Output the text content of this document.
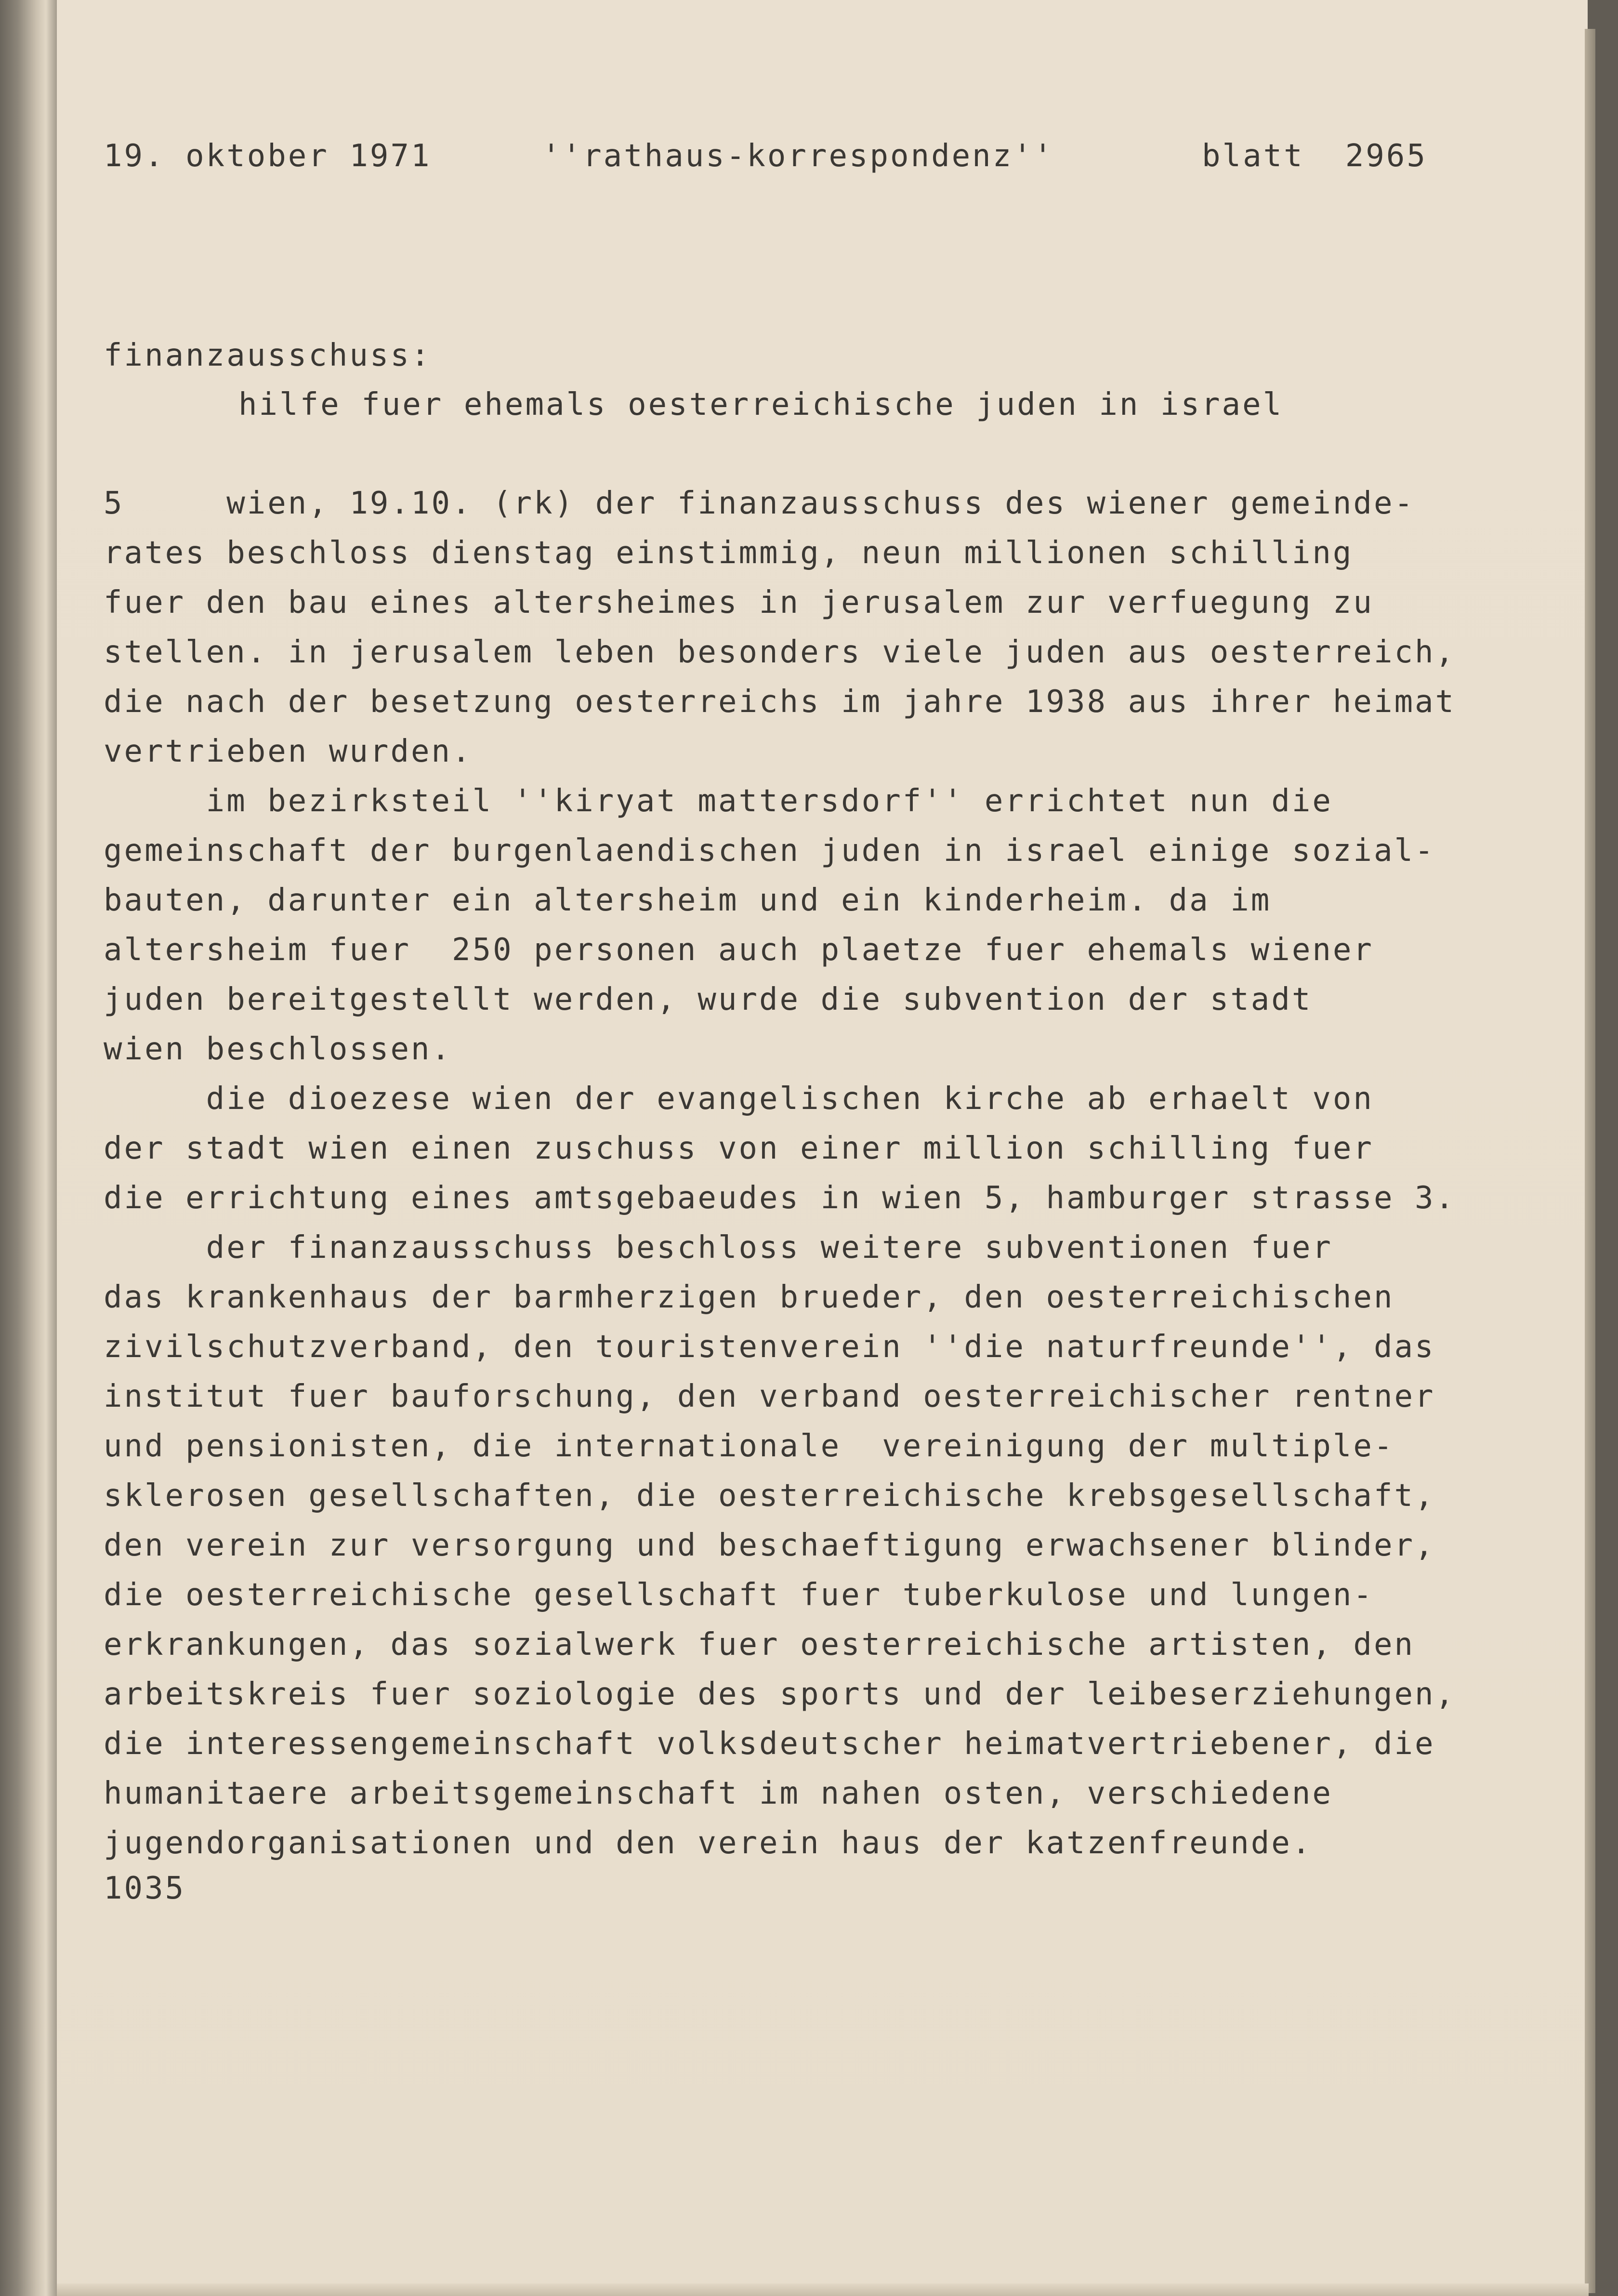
19. oktober 1971	''rathaus-korrespondenz''	blatt  2965
finanzausschuss:
hilfe fuer ehemals oesterreichische juden in israel
5     wien, 19.10. (rk) der finanzausschuss des wiener gemeinde-
rates beschloss dienstag einstimmig, neun millionen schilling
fuer den bau eines altersheimes in jerusalem zur verfuegung zu
stellen. in jerusalem leben besonders viele juden aus oesterreich,
die nach der besetzung oesterreichs im jahre 1938 aus ihrer heimat
vertrieben wurden.
im bezirksteil ''kiryat mattersdorf'' errichtet nun die
gemeinschaft der burgenlaendischen juden in israel einige sozial-
bauten, darunter ein altersheim und ein kinderheim. da im
altersheim fuer  250 personen auch plaetze fuer ehemals wiener
juden bereitgestellt werden, wurde die subvention der stadt
wien beschlossen.
die dioezese wien der evangelischen kirche ab erhaelt von
der stadt wien einen zuschuss von einer million schilling fuer
die errichtung eines amtsgebaeudes in wien 5, hamburger strasse 3.
der finanzausschuss beschloss weitere subventionen fuer
das krankenhaus der barmherzigen brueder, den oesterreichischen
zivilschutzverband, den touristenverein ''die naturfreunde'', das
institut fuer bauforschung, den verband oesterreichischer rentner
und pensionisten, die internationale  vereinigung der multiple-
sklerosen gesellschaften, die oesterreichische krebsgesellschaft,
den verein zur versorgung und beschaeftigung erwachsener blinder,
die oesterreichische gesellschaft fuer tuberkulose und lungen-
erkrankungen, das sozialwerk fuer oesterreichische artisten, den
arbeitskreis fuer soziologie des sports und der leibeserziehungen,
die interessengemeinschaft volksdeutscher heimatvertriebener, die
humanitaere arbeitsgemeinschaft im nahen osten, verschiedene
jugendorganisationen und den verein haus der katzenfreunde.
1035
